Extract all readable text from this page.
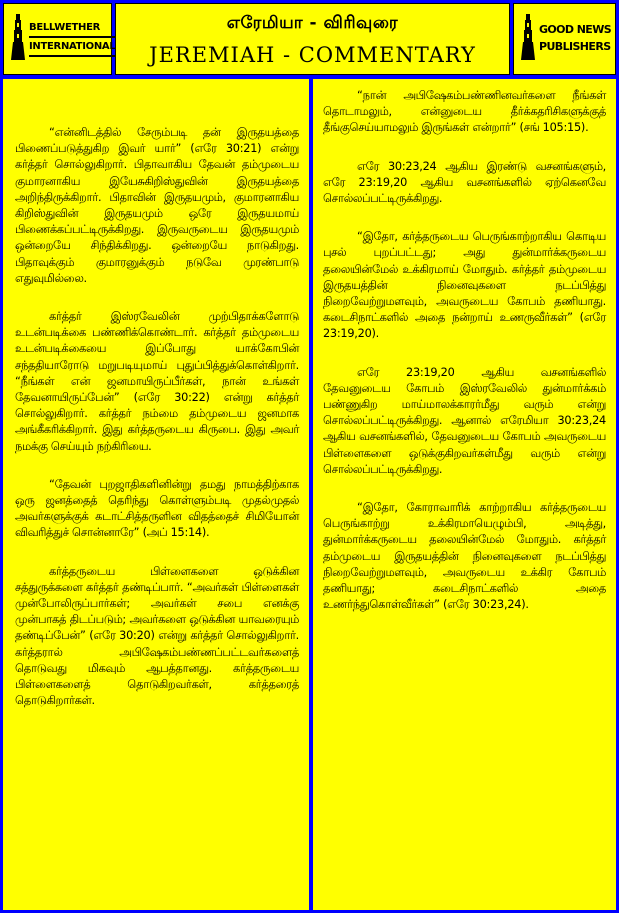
BELLWETHER
INTERNATIONAL
எரேமியா - விரிவுரை
JEREMIAH - COMMENTARY
GOOD NEWS
PUBLISHERS

“என்னிடத்தில் சேரும்படி தன் இருதயத்தை பிணைப்படுத்துகிற இவர் யார்” (எரே 30:21) என்று கர்த்தர் சொல்லுகிறார். பிதாவாகிய தேவன் தம்முடைய குமாரனாகிய இயேசுகிறிஸ்துவின் இருதயத்தை அறிந்திருக்கிறார். பிதாவின் இருதயமும், குமாரனாகிய கிறிஸ்துவின் இருதயமும் ஒரே இருதயமாய் பிணைக்கப்பட்டிருக்கிறது. இருவருடைய இருதயமும் ஒன்றையே சிந்திக்கிறது. ஒன்றையே நாடுகிறது. பிதாவுக்கும் குமாரனுக்கும் நடுவே முரண்பாடு எதுவுமில்லை.

கர்த்தர் இஸ்ரவேலின் முற்பிதாக்களோடு உடன்படிக்கை பண்ணிக்கொண்டார். கர்த்தர் தம்முடைய உடன்படிக்கையை இப்போது யாக்கோபின் சந்ததியாரோடு மறுபடியுமாய் புதுப்பித்துக்கொள்கிறார். “நீங்கள் என் ஜனமாயிருப்பீர்கள், நான் உங்கள் தேவனாயிருப்பேன்” (எரே 30:22) என்று கர்த்தர் சொல்லுகிறார். கர்த்தர் நம்மை தம்முடைய ஜனமாக அங்கீகரிக்கிறார். இது கர்த்தருடைய கிருபை. இது அவர் நமக்கு செய்யும் நற்கிரியை.

“தேவன் புறஜாதிகளினின்று தமது நாமத்திற்காக ஒரு ஜனத்தைத் தெரிந்து கொள்ளும்படி முதல்முதல் அவர்களுக்குக் கடாட்சித்தருளின விதத்தைச் சிமியோன் விவரித்துச் சொன்னாரே” (அப் 15:14).

கர்த்தருடைய பிள்ளைகளை ஒடுக்கின சத்துருக்களை கர்த்தர் தண்டிப்பார். “அவர்கள் பிள்ளைகள் முன்போலிருப்பார்கள்; அவர்கள் சபை எனக்கு முன்பாகத் திடப்படும்; அவர்களை ஒடுக்கின யாவரையும் தண்டிப்பேன்” (எரே 30:20) என்று கர்த்தர் சொல்லுகிறார். கர்த்தரால் அபிஷேகம்பண்ணப்பட்டவர்களைத் தொடுவது மிகவும் ஆபத்தானது. கர்த்தருடைய பிள்ளைகளைத் தொடுகிறவர்கள், கர்த்தரைத் தொடுகிறார்கள்.

“நான் அபிஷேகம்பண்ணினவர்களை நீங்கள் தொடாமலும், என்னுடைய தீர்க்கதரிசிகளுக்குத் தீங்குசெய்யாமலும் இருங்கள் என்றார்” (சங் 105:15).

எரே 30:23,24 ஆகிய இரண்டு வசனங்களும், எரே 23:19,20 ஆகிய வசனங்களில் ஏற்கெனவே சொல்லப்பட்டிருக்கிறது.

“இதோ, கர்த்தருடைய பெருங்காற்றாகிய கொடிய புசல் புறப்பட்டது; அது துன்மார்க்கருடைய தலையின்மேல் உக்கிரமாய் மோதும். கர்த்தர் தம்முடைய இருதயத்தின் நினைவுகளை நடப்பித்து நிறைவேற்றுமளவும், அவருடைய கோபம் தணியாது. கடைசிநாட்களில் அதை நன்றாய் உணருவீர்கள்” (எரே 23:19,20).

எரே 23:19,20 ஆகிய வசனங்களில் தேவனுடைய கோபம் இஸ்ரவேலில் துன்மார்க்கம் பண்ணுகிற மாய்மாலக்காரர்மீது வரும் என்று சொல்லப்பட்டிருக்கிறது. ஆனால் எரேமியா 30:23,24 ஆகிய வசனங்களில், தேவனுடைய கோபம் அவருடைய பிள்ளைகளை ஒடுக்குகிறவர்கள்மீது வரும் என்று சொல்லப்பட்டிருக்கிறது.

“இதோ, கோராவாரிக் காற்றாகிய கர்த்தருடைய பெருங்காற்று உக்கிரமாயெழும்பி, அடித்து, துன்மார்க்கருடைய தலையின்மேல் மோதும். கர்த்தர் தம்முடைய இருதயத்தின் நினைவுகளை நடப்பித்து நிறைவேற்றுமளவும், அவருடைய உக்கிர கோபம் தணியாது; கடைசிநாட்களில் அதை உணர்ந்துகொள்வீர்கள்” (எரே 30:23,24).
